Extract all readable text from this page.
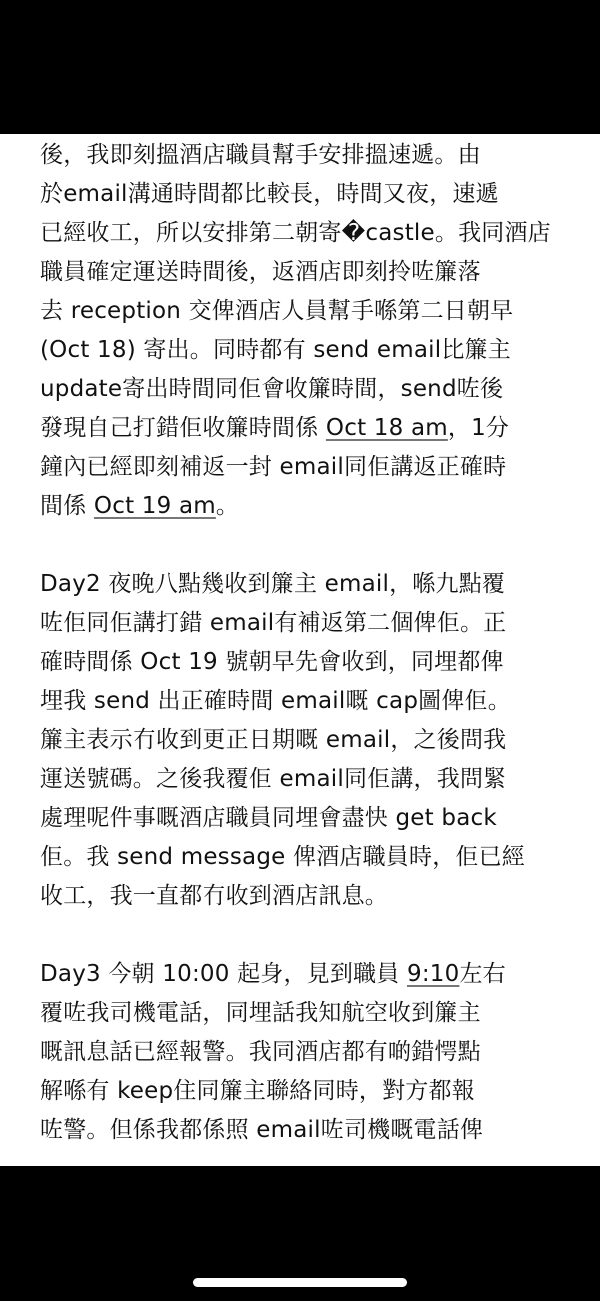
後，我即刻搵酒店職員幫手安排搵速遞。由
於email溝通時間都比較長，時間又夜，速遞
已經收工，所以安排第二朝寄�castle。我同酒店
職員確定運送時間後，返酒店即刻拎咗簾落
去 reception 交俾酒店人員幫手喺第二日朝早
(Oct 18) 寄出。同時都有 send email比簾主
update寄出時間同佢會收簾時間，send咗後
發現自己打錯佢收簾時間係 Oct 18 am，1分
鐘內已經即刻補返一封 email同佢講返正確時
間係 Oct 19 am。
Day2 夜晚八點幾收到簾主 email，喺九點覆
咗佢同佢講打錯 email有補返第二個俾佢。正
確時間係 Oct 19 號朝早先會收到，同埋都俾
埋我 send 出正確時間 email嘅 cap圖俾佢。
簾主表示冇收到更正日期嘅 email，之後問我
運送號碼。之後我覆佢 email同佢講，我問緊
處理呢件事嘅酒店職員同埋會盡快 get back
佢。我 send message 俾酒店職員時，佢已經
收工，我一直都冇收到酒店訊息。
Day3 今朝 10:00 起身，見到職員 9:10左右
覆咗我司機電話，同埋話我知航空收到簾主
嘅訊息話已經報警。我同酒店都有啲錯愕點
解喺有 keep住同簾主聯絡同時，對方都報
咗警。但係我都係照 email咗司機嘅電話俾
